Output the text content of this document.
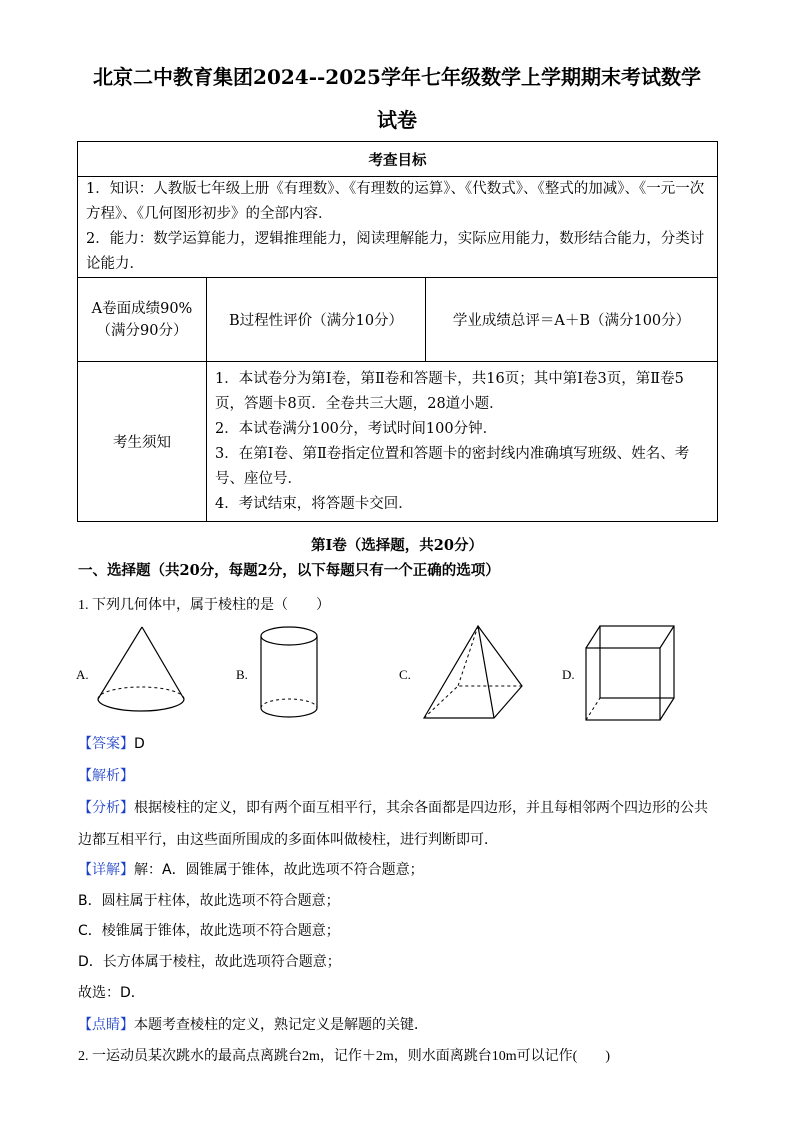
北京二中教育集团2024--2025学年七年级数学上学期期末考试数学
试卷
考查目标		

1．知识：人教版七年级上册《有理数》、《有理数的运算》、《代数式》、《整式的加减》、《一元一次方程》、《几何图形初步》的全部内容．
2．能力：数学运算能力，逻辑推理能力，阅读理解能力，实际应用能力，数形结合能力，分类讨论能力．		

A卷面成绩90%（满分90分）	B过程性评价（满分10分）	学业成绩总评＝A＋B（满分100分）
考生须知	1．本试卷分为第Ⅰ卷，第Ⅱ卷和答题卡，共16页；其中第Ⅰ卷3页，第Ⅱ卷5页，答题卡8页．全卷共三大题，28道小题．
2．本试卷满分100分，考试时间100分钟．
3．在第Ⅰ卷、第Ⅱ卷指定位置和答题卡的密封线内准确填写班级、姓名、考号、座位号．
4．考试结束，将答题卡交回．	
第Ⅰ卷（选择题，共20分）
一、选择题（共20分，每题2分，以下每题只有一个正确的选项）
1. 下列几何体中，属于棱柱的是（　　）
A.	B.	C.	D.
【答案】D
【解析】
【分析】根据棱柱的定义，即有两个面互相平行，其余各面都是四边形，并且每相邻两个四边形的公共
边都互相平行，由这些面所围成的多面体叫做棱柱，进行判断即可．
【详解】解：A．圆锥属于锥体，故此选项不符合题意；
B．圆柱属于柱体，故此选项不符合题意；
C．棱锥属于锥体，故此选项不符合题意；
D．长方体属于棱柱，故此选项符合题意；
故选：D．
【点睛】本题考查棱柱的定义，熟记定义是解题的关键．
2. 一运动员某次跳水的最高点离跳台2m，记作＋2m，则水面离跳台10m可以记作(　　)
